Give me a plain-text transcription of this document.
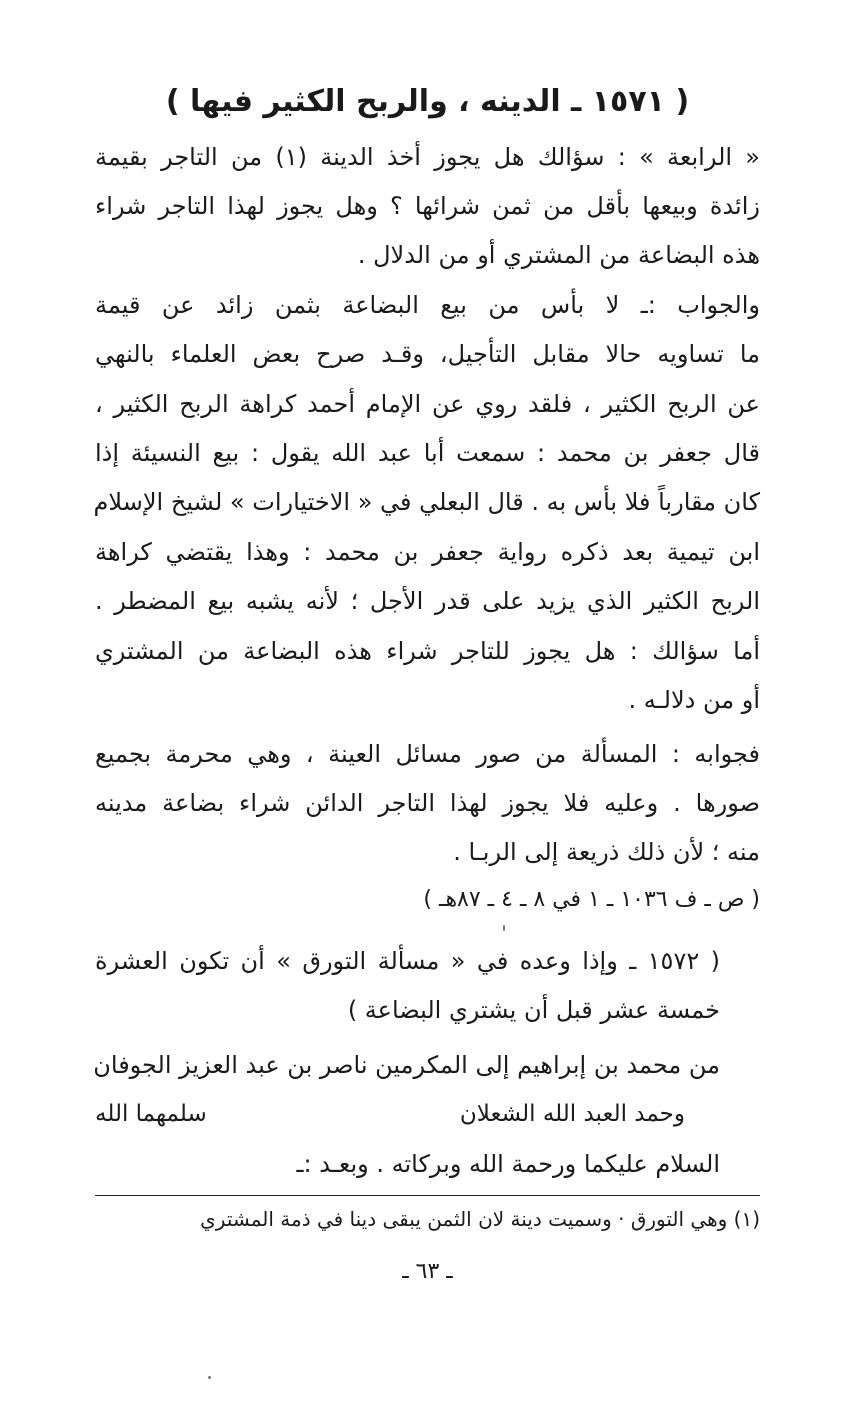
( ١٥٧١ ـ الدينه ، والربح الكثير فيها )
« الرابعة » : سؤالك هل يجوز أخذ الدينة (١) من التاجر بقيمة
زائدة وبيعها بأقل من ثمن شرائها ؟ وهل يجوز لهذا التاجر شراء
هذه البضاعة من المشتري أو من الدلال .
والجواب :ـ لا بأس من بيع البضاعة بثمن زائد عن قيمة
ما تساويه حالا مقابل التأجيل، وقـد صرح بعض العلماء بالنهي
عن الربح الكثير ، فلقد روي عن الإمام أحمد كراهة الربح الكثير ،
قال جعفر بن محمد : سمعت أبا عبد الله يقول : بيع النسيئة إذا
كان مقارباً فلا بأس به . قال البعلي في « الاختيارات » لشيخ الإسلام
ابن تيمية بعد ذكره رواية جعفر بن محمد : وهذا يقتضي كراهة
الربح الكثير الذي يزيد على قدر الأجل ؛ لأنه يشبه بيع المضطر .
أما سؤالك : هل يجوز للتاجر شراء هذه البضاعة من المشتري
أو من دلالـه .
فجوابه : المسألة من صور مسائل العينة ، وهي محرمة بجميع
صورها . وعليه فلا يجوز لهذا التاجر الدائن شراء بضاعة مدينه
منه ؛ لأن ذلك ذريعة إلى الربـا .
( ص ـ ف ١٠٣٦ ـ ١ في ٨ ـ ٤ ـ ٨٧هـ )
( ١٥٧٢ ـ وإذا وعده في « مسألة التورق » أن تكون العشرة
خمسة عشر قبل أن يشتري البضاعة )
من محمد بن إبراهيم إلى المكرمين ناصر بن عبد العزيز الجوفان
وحمد العبد الله الشعلان
سلمهما الله
السلام عليكما ورحمة الله وبركاته . وبعـد :ـ
(١) وهي التورق · وسميت دينة لان الثمن يبقى دينا في ذمة المشتري
ـ ٦٣ ـ
